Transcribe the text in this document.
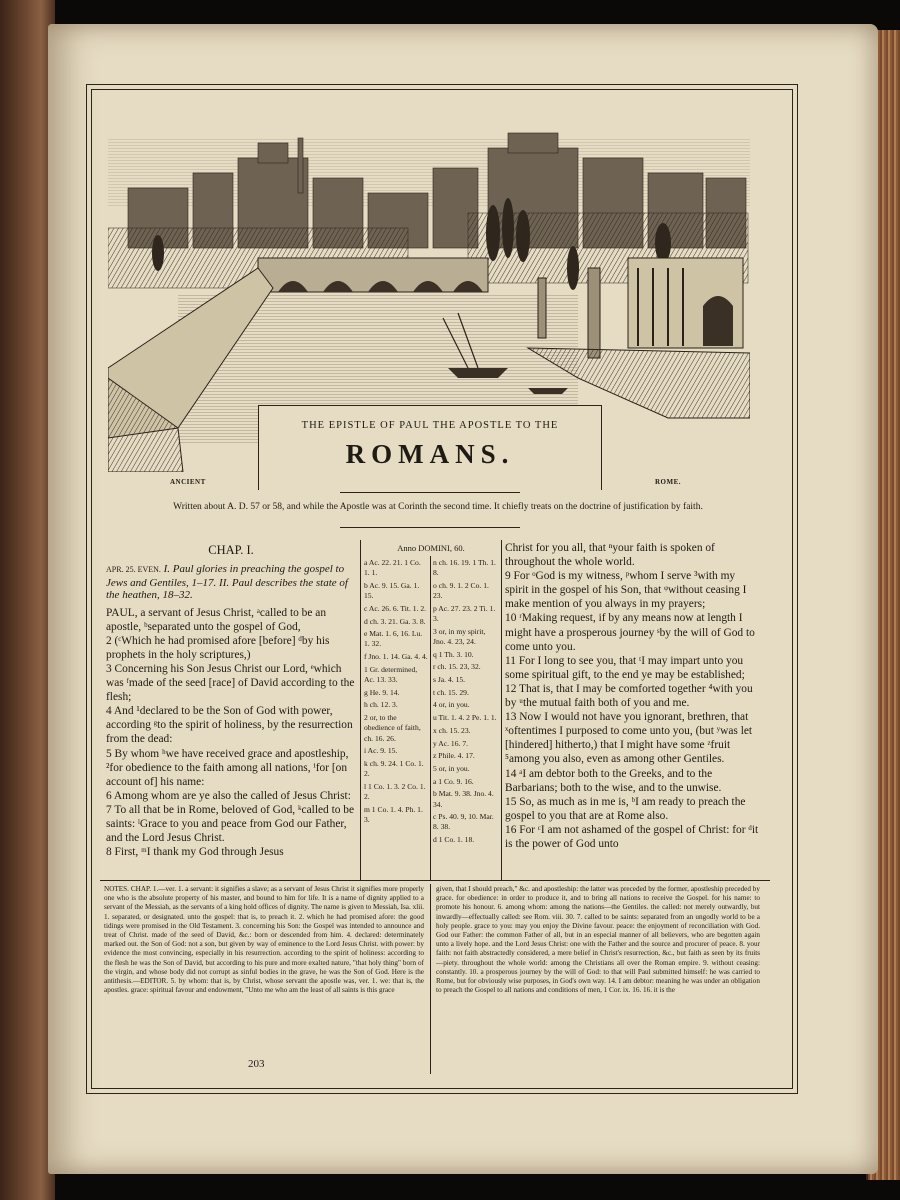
THE EPISTLE OF PAUL THE APOSTLE TO THE
ROMANS.
ANCIENT	ROME.
Written about A. D. 57 or 58, and while the Apostle was at Corinth the second time. It chiefly treats on the doctrine of justification by faith.
CHAP. I.
APR. 25. EVEN. I. Paul glories in preaching the gospel to Jews and Gentiles, 1–17. II. Paul describes the state of the heathen, 18–32.

PAUL, a servant of Jesus Christ, ᵃcalled to be an apostle, ᵇseparated unto the gospel of God,

2 (ᶜWhich he had promised afore [before] ᵈby his prophets in the holy scriptures,)

3 Concerning his Son Jesus Christ our Lord, ᵉwhich was ᶠmade of the seed [race] of David according to the flesh;

4 And ¹declared to be the Son of God with power, according ᵍto the spirit of holiness, by the resurrection from the dead:

5 By whom ʰwe have received grace and apostleship, ²for obedience to the faith among all nations, ⁱfor [on account of] his name:

6 Among whom are ye also the called of Jesus Christ:

7 To all that be in Rome, beloved of God, ᵏcalled to be saints: ˡGrace to you and peace from God our Father, and the Lord Jesus Christ.

8 First, ᵐI thank my God through Jesus

Anno DOMINI, 60.
a Ac. 22. 21. 1 Co. 1. 1.
b Ac. 9. 15. Ga. 1. 15.
c Ac. 26. 6. Tit. 1. 2.
d ch. 3. 21. Ga. 3. 8.
e Mat. 1. 6, 16. Lu. 1. 32.
f Jno. 1. 14. Ga. 4. 4.
1 Gr. determined, Ac. 13. 33.
g He. 9. 14.
h ch. 12. 3.
2 or, to the obedience of faith, ch. 16. 26.
i Ac. 9. 15.
k ch. 9. 24. 1 Co. 1. 2.
l 1 Co. 1. 3. 2 Co. 1. 2.
m 1 Co. 1. 4. Ph. 1. 3.
n ch. 16. 19. 1 Th. 1. 8.
o ch. 9. 1. 2 Co. 1. 23.
p Ac. 27. 23. 2 Ti. 1. 3.
3 or, in my spirit, Jno. 4. 23, 24.
q 1 Th. 3. 10.
r ch. 15. 23, 32.
s Ja. 4. 15.
t ch. 15. 29.
4 or, in you.
u Tit. 1. 4. 2 Pe. 1. 1.
x ch. 15. 23.
y Ac. 16. 7.
z Phile. 4. 17.
5 or, in you.
a 1 Co. 9. 16.
b Mat. 9. 38. Jno. 4. 34.
c Ps. 40. 9, 10. Mar. 8. 38.
d 1 Co. 1. 18.

Christ for you all, that ⁿyour faith is spoken of throughout the whole world.

9 For ᵒGod is my witness, ᵖwhom I serve ³with my spirit in the gospel of his Son, that ᵠwithout ceasing I make mention of you always in my prayers;

10 ʳMaking request, if by any means now at length I might have a prosperous journey ˢby the will of God to come unto you.

11 For I long to see you, that ᵗI may impart unto you some spiritual gift, to the end ye may be established;

12 That is, that I may be comforted together ⁴with you by ᵘthe mutual faith both of you and me.

13 Now I would not have you ignorant, brethren, that ˣoftentimes I purposed to come unto you, (but ʸwas let [hindered] hitherto,) that I might have some ᶻfruit ⁵among you also, even as among other Gentiles.

14 ᵃI am debtor both to the Greeks, and to the Barbarians; both to the wise, and to the unwise.

15 So, as much as in me is, ᵇI am ready to preach the gospel to you that are at Rome also.

16 For ᶜI am not ashamed of the gospel of Christ: for ᵈit is the power of God unto

NOTES. CHAP. 1.—ver. 1. a servant: it signifies a slave; as a servant of Jesus Christ it signifies more properly one who is the absolute property of his master, and bound to him for life. It is a name of dignity applied to a servant of the Messiah, as the servants of a king hold offices of dignity. The name is given to Messiah, Isa. xlii. 1. separated, or designated. unto the gospel: that is, to preach it. 2. which he had promised afore: the good tidings were promised in the Old Testament. 3. concerning his Son: the Gospel was intended to announce and treat of Christ. made of the seed of David, &c.: born or descended from him. 4. declared: determinately marked out. the Son of God: not a son, but given by way of eminence to the Lord Jesus Christ. with power: by evidence the most convincing, especially in his resurrection. according to the spirit of holiness: according to the flesh he was the Son of David, but according to his pure and more exalted nature, "that holy thing" born of the virgin, and whose body did not corrupt as sinful bodies in the grave, he was the Son of God. Here is the antithesis.—EDITOR. 5. by whom: that is, by Christ, whose servant the apostle was, ver. 1. we: that is, the apostles. grace: spiritual favour and endowment, "Unto me who am the least of all saints is this grace
given, that I should preach," &c. and apostleship: the latter was preceded by the former, apostleship preceded by grace. for obedience: in order to produce it, and to bring all nations to receive the Gospel. for his name: to promote his honour. 6. among whom: among the nations—the Gentiles. the called: not merely outwardly, but inwardly—effectually called: see Rom. viii. 30. 7. called to be saints: separated from an ungodly world to be a holy people. grace to you: may you enjoy the Divine favour. peace: the enjoyment of reconciliation with God. God our Father: the common Father of all, but in an especial manner of all believers, who are begotten again unto a lively hope. and the Lord Jesus Christ: one with the Father and the source and procurer of peace. 8. your faith: not faith abstractedly considered, a mere belief in Christ's resurrection, &c., but faith as seen by its fruits—piety. throughout the whole world: among the Christians all over the Roman empire. 9. without ceasing: constantly. 10. a prosperous journey by the will of God: to that will Paul submitted himself: he was carried to Rome, but for obviously wise purposes, in God's own way. 14. I am debtor: meaning he was under an obligation to preach the Gospel to all nations and conditions of men, 1 Cor. ix. 16. 16. it is the
203
